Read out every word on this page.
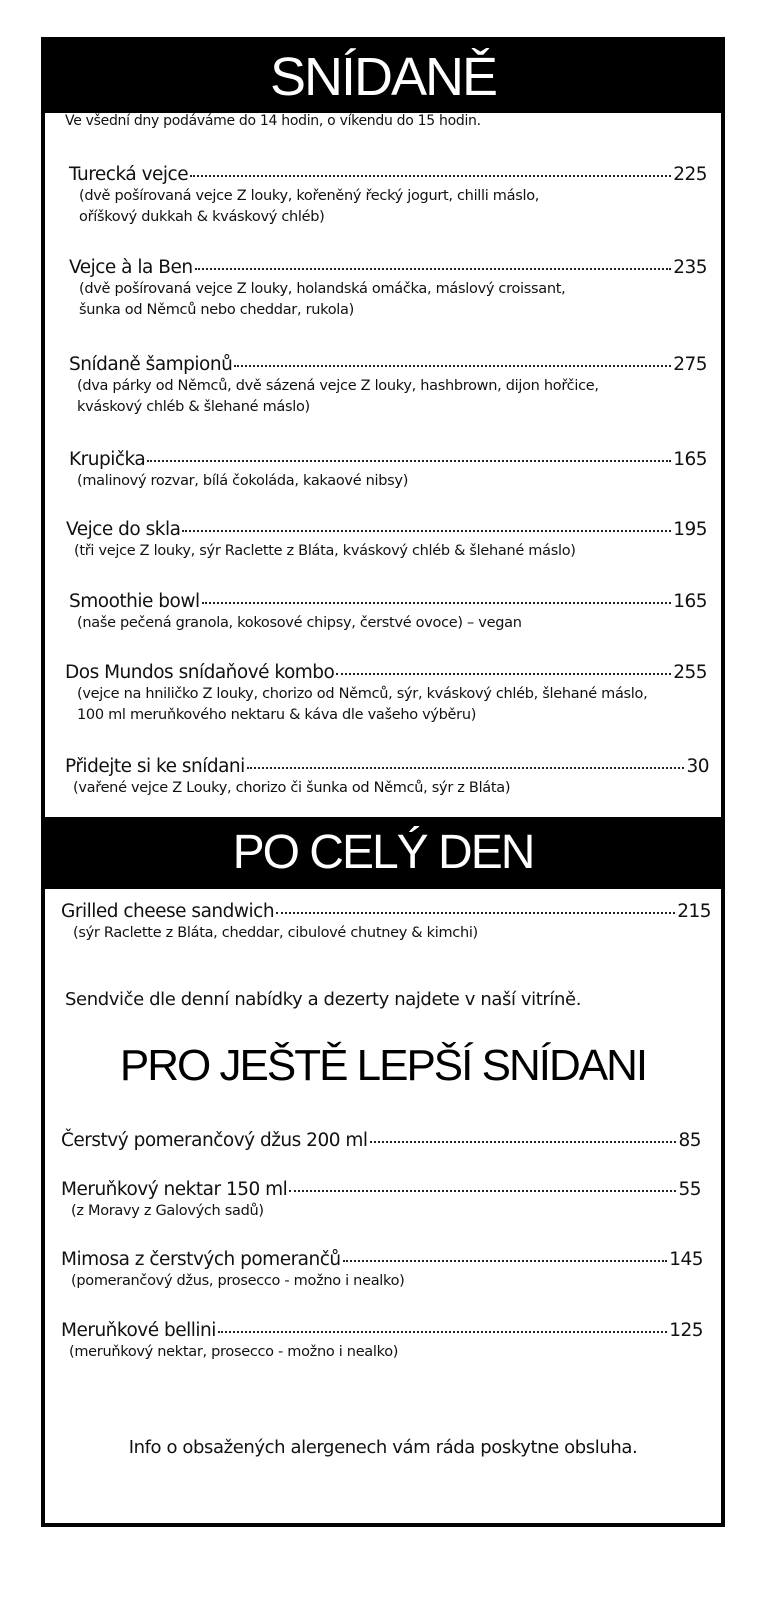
SNÍDANĚ
Ve všední dny podáváme do 14 hodin, o víkendu do 15 hodin.
Turecká vejce	225
(dvě pošírovaná vejce Z louky, kořeněný řecký jogurt, chilli máslo,
oříškový dukkah & kváskový chléb)
Vejce à la Ben	235
(dvě pošírovaná vejce Z louky, holandská omáčka, máslový croissant,
šunka od Němců nebo cheddar, rukola)
Snídaně šampionů	275
(dva párky od Němců, dvě sázená vejce Z louky, hashbrown, dijon hořčice,
kváskový chléb & šlehané máslo)
Krupička	165
(malinový rozvar, bílá čokoláda, kakaové nibsy)
Vejce do skla	195
(tři vejce Z louky, sýr Raclette z Bláta, kváskový chléb & šlehané máslo)
Smoothie bowl	165
(naše pečená granola, kokosové chipsy, čerstvé ovoce) – vegan
Dos Mundos snídaňové kombo	255
(vejce na hniličko Z louky, chorizo od Němců, sýr, kváskový chléb, šlehané máslo,
100 ml meruňkového nektaru & káva dle vašeho výběru)
Přidejte si ke snídani	30
(vařené vejce Z Louky, chorizo či šunka od Němců, sýr z Bláta)
PO CELÝ DEN
Grilled cheese sandwich	215
(sýr Raclette z Bláta, cheddar, cibulové chutney & kimchi)
Sendviče dle denní nabídky a dezerty najdete v naší vitríně.
PRO JEŠTĚ LEPŠÍ SNÍDANI
Čerstvý pomerančový džus 200 ml	85
Meruňkový nektar 150 ml	55
(z Moravy z Galových sadů)
Mimosa z čerstvých pomerančů	145
(pomerančový džus, prosecco - možno i nealko)
Meruňkové bellini	125
(meruňkový nektar, prosecco - možno i nealko)
Info o obsažených alergenech vám ráda poskytne obsluha.
